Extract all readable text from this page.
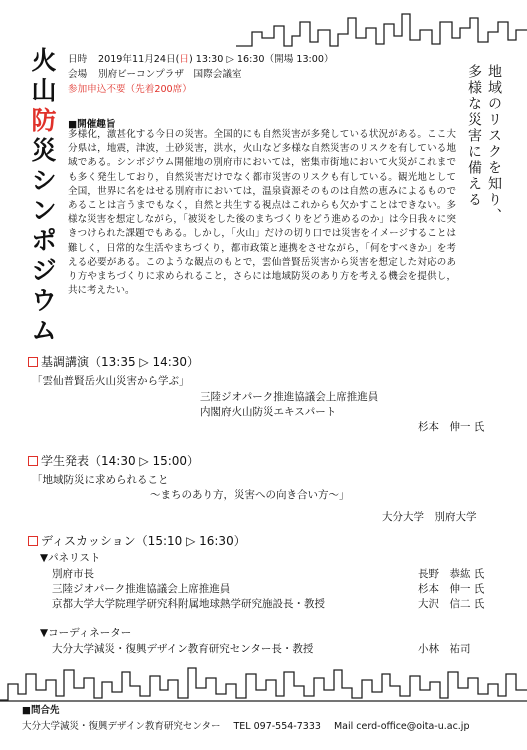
火
山
防
災
シ
ン
ポ
ジ
ウ
ム
地域のリスクを知り、
多様な災害に備える
日時 2019年11月24日(日) 13:30 ▷ 16:30（開場 13:00）
会場 別府ビーコンプラザ　国際会議室
参加申込不要（先着200席）
■開催趣旨
多様化，激甚化する今日の災害。全国的にも自然災害が多発している状況がある。ここ大分県は，地震，津波，土砂災害，洪水，火山など多様な自然災害のリスクを有している地域である。シンポジウム開催地の別府市においては，密集市街地において火災がこれまでも多く発生しており，自然災害だけでなく都市災害のリスクも有している。観光地として全国，世界に名をはせる別府市においては，温泉資源そのものは自然の恵みによるものであることは言うまでもなく，自然と共生する視点はこれからも欠かすことはできない。多様な災害を想定しながら，「被災をした後のまちづくりをどう進めるのか」は今日我々に突きつけられた課題でもある。しかし，「火山」だけの切り口では災害をイメージすることは難しく，日常的な生活やまちづくり，都市政策と連携をさせながら，「何をすべきか」を考える必要がある。このような観点のもとで，雲仙普賢岳災害から災害を想定した対応のあり方やまちづくりに求められること，さらには地域防災のあり方を考える機会を提供し，共に考えたい。
基調講演（13:35 ▷ 14:30）
「雲仙普賢岳火山災害から学ぶ」
三陸ジオパーク推進協議会上席推進員
内閣府火山防災エキスパート
杉本　伸一 氏
学生発表（14:30 ▷ 15:00）
「地域防災に求められること
〜まちのあり方，災害への向き合い方〜」
大分大学　別府大学
ディスカッション（15:10 ▷ 16:30）
▼パネリスト
別府市長	長野　恭紘 氏
三陸ジオパーク推進協議会上席推進員	杉本　伸一 氏
京都大学大学院理学研究科附属地球熱学研究施設長・教授	大沢　信二 氏
▼コーディネーター
大分大学減災・復興デザイン教育研究センター長・教授	小林　祐司
■問合先
大分大学減災・復興デザイン教育研究センター TEL 097-554-7333 Mail cerd-office@oita-u.ac.jp
